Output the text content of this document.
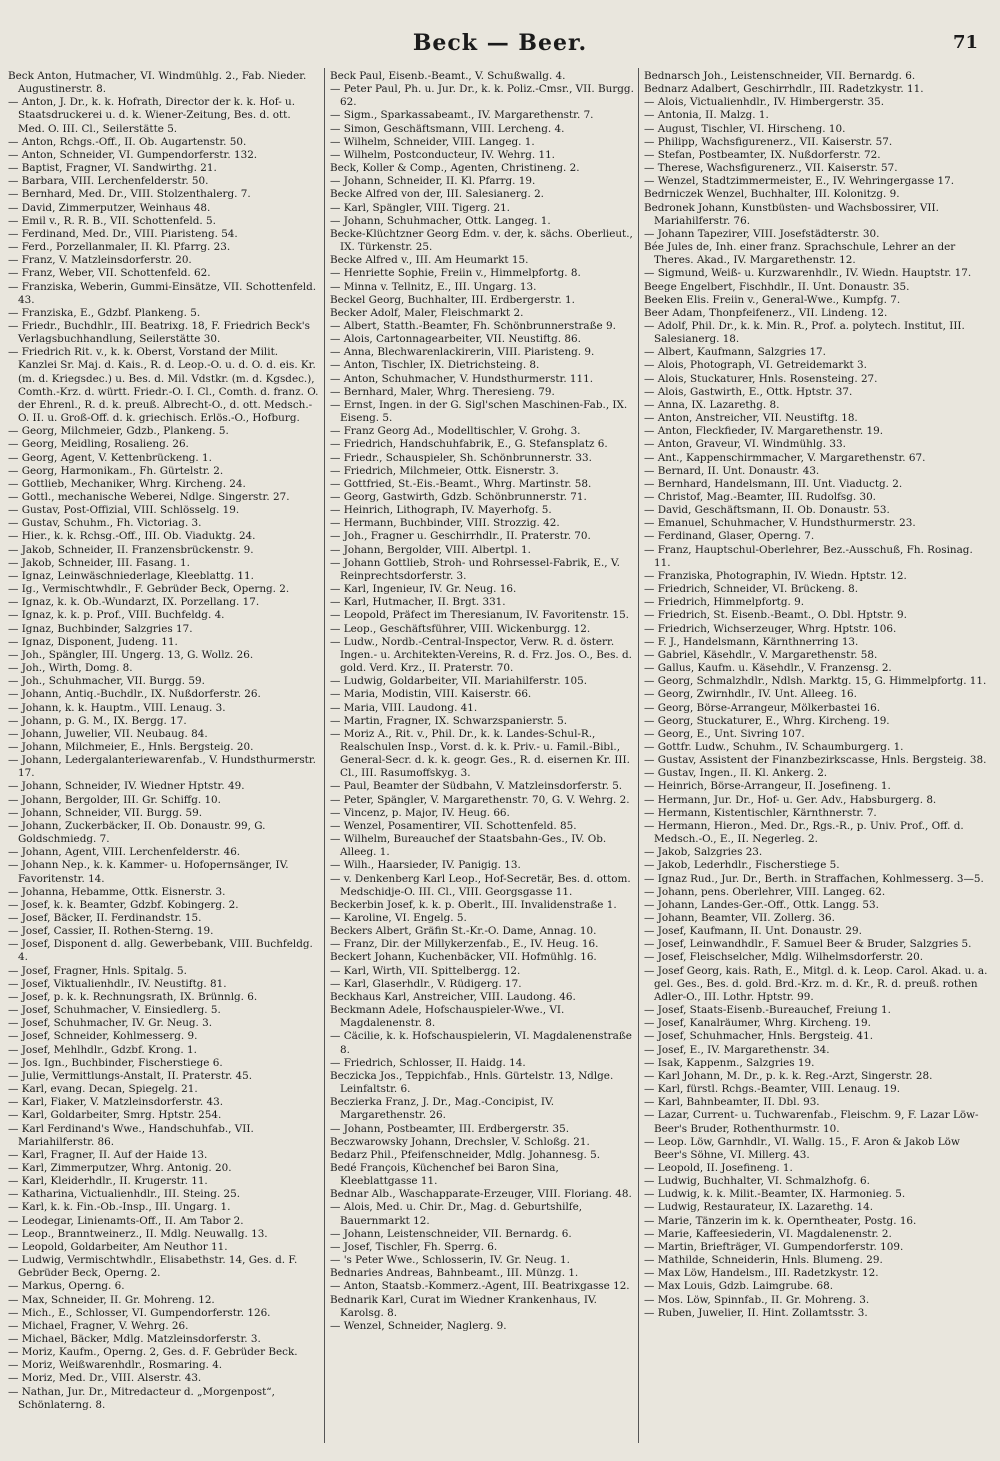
Beck — Beer.	71

Beck Anton, Hutmacher, VI. Windmühlg. 2., Fab. Nieder. Augustinerstr. 8.

— Anton, J. Dr., k. k. Hofrath, Director der k. k. Hof- u. Staatsdruckerei u. d. k. Wiener-Zeitung, Bes. d. ott. Med. O. III. Cl., Seilerstätte 5.

— Anton, Rchgs.-Off., II. Ob. Augartenstr. 50.

— Anton, Schneider, VI. Gumpendorferstr. 132.

— Baptist, Fragner, VI. Sandwirthg. 21.

— Barbara, VIII. Lerchenfelderstr. 50.

— Bernhard, Med. Dr., VIII. Stolzenthalerg. 7.

— David, Zimmerputzer, Weinhaus 48.

— Emil v., R. R. B., VII. Schottenfeld. 5.

— Ferdinand, Med. Dr., VIII. Piaristeng. 54.

— Ferd., Porzellanmaler, II. Kl. Pfarrg. 23.

— Franz, V. Matzleinsdorferstr. 20.

— Franz, Weber, VII. Schottenfeld. 62.

— Franziska, Weberin, Gummi-Einsätze, VII. Schottenfeld. 43.

— Franziska, E., Gdzbf. Plankeng. 5.

— Friedr., Buchdhlr., III. Beatrixg. 18, F. Friedrich Beck's Verlagsbuchhandlung, Seilerstätte 30.

— Friedrich Rit. v., k. k. Oberst, Vorstand der Milit. Kanzlei Sr. Maj. d. Kais., R. d. Leop.-O. u. d. O. d. eis. Kr. (m. d. Kriegsdec.) u. Bes. d. Mil. Vdstkr. (m. d. Kgsdec.), Comth.-Krz. d. württ. Friedr.-O. I. Cl., Comth. d. franz. O. der Ehrenl., R. d. k. preuß. Albrecht-O., d. ott. Medsch.-O. II. u. Groß-Off. d. k. griechisch. Erlös.-O., Hofburg.

— Georg, Milchmeier, Gdzb., Plankeng. 5.

— Georg, Meidling, Rosalieng. 26.

— Georg, Agent, V. Kettenbrückeng. 1.

— Georg, Harmonikam., Fh. Gürtelstr. 2.

— Gottlieb, Mechaniker, Whrg. Kircheng. 24.

— Gottl., mechanische Weberei, Ndlge. Singerstr. 27.

— Gustav, Post-Offizial, VIII. Schlösselg. 19.

— Gustav, Schuhm., Fh. Victoriag. 3.

— Hier., k. k. Rchsg.-Off., III. Ob. Viaduktg. 24.

— Jakob, Schneider, II. Franzensbrückenstr. 9.

— Jakob, Schneider, III. Fasang. 1.

— Ignaz, Leinwäschniederlage, Kleeblattg. 11.

— Ig., Vermischtwhdlr., F. Gebrüder Beck, Operng. 2.

— Ignaz, k. k. Ob.-Wundarzt, IX. Porzellang. 17.

— Ignaz, k. k. p. Prof., VIII. Buchfeldg. 4.

— Ignaz, Buchbinder, Salzgries 17.

— Ignaz, Disponent, Judeng. 11.

— Joh., Spängler, III. Ungerg. 13, G. Wollz. 26.

— Joh., Wirth, Domg. 8.

— Joh., Schuhmacher, VII. Burgg. 59.

— Johann, Antiq.-Buchdlr., IX. Nußdorferstr. 26.

— Johann, k. k. Hauptm., VIII. Lenaug. 3.

— Johann, p. G. M., IX. Bergg. 17.

— Johann, Juwelier, VII. Neubaug. 84.

— Johann, Milchmeier, E., Hnls. Bergsteig. 20.

— Johann, Ledergalanteriewarenfab., V. Hundsthurmerstr. 17.

— Johann, Schneider, IV. Wiedner Hptstr. 49.

— Johann, Bergolder, III. Gr. Schiffg. 10.

— Johann, Schneider, VII. Burgg. 59.

— Johann, Zuckerbäcker, II. Ob. Donaustr. 99, G. Goldschmiedg. 7.

— Johann, Agent, VIII. Lerchenfelderstr. 46.

— Johann Nep., k. k. Kammer- u. Hofopernsänger, IV. Favoritenstr. 14.

— Johanna, Hebamme, Ottk. Eisnerstr. 3.

— Josef, k. k. Beamter, Gdzbf. Kobingerg. 2.

— Josef, Bäcker, II. Ferdinandstr. 15.

— Josef, Cassier, II. Rothen-Sterng. 19.

— Josef, Disponent d. allg. Gewerbebank, VIII. Buchfeldg. 4.

— Josef, Fragner, Hnls. Spitalg. 5.

— Josef, Viktualienhdlr., IV. Neustiftg. 81.

— Josef, p. k. k. Rechnungsrath, IX. Brünnlg. 6.

— Josef, Schuhmacher, V. Einsiedlerg. 5.

— Josef, Schuhmacher, IV. Gr. Neug. 3.

— Josef, Schneider, Kohlmesserg. 9.

— Josef, Mehlhdlr., Gdzbf. Krong. 1.

— Jos. Ign., Buchbinder, Fischerstiege 6.

— Julie, Vermittlungs-Anstalt, II. Praterstr. 45.

— Karl, evang. Decan, Spiegelg. 21.

— Karl, Fiaker, V. Matzleinsdorferstr. 43.

— Karl, Goldarbeiter, Smrg. Hptstr. 254.

— Karl Ferdinand's Wwe., Handschuhfab., VII. Mariahilferstr. 86.

— Karl, Fragner, II. Auf der Haide 13.

— Karl, Zimmerputzer, Whrg. Antonig. 20.

— Karl, Kleiderhdlr., II. Krugerstr. 11.

— Katharina, Victualienhdlr., III. Steing. 25.

— Karl, k. k. Fin.-Ob.-Insp., III. Ungarg. 1.

— Leodegar, Linienamts-Off., II. Am Tabor 2.

— Leop., Branntweinerz., II. Mdlg. Neuwallg. 13.

— Leopold, Goldarbeiter, Am Neuthor 11.

— Ludwig, Vermischtwhdlr., Elisabethstr. 14, Ges. d. F. Gebrüder Beck, Operng. 2.

— Markus, Operng. 6.

— Max, Schneider, II. Gr. Mohreng. 12.

— Mich., E., Schlosser, VI. Gumpendorferstr. 126.

— Michael, Fragner, V. Wehrg. 26.

— Michael, Bäcker, Mdlg. Matzleinsdorferstr. 3.

— Moriz, Kaufm., Operng. 2, Ges. d. F. Gebrüder Beck.

— Moriz, Weißwarenhdlr., Rosmaring. 4.

— Moriz, Med. Dr., VIII. Alserstr. 43.

— Nathan, Jur. Dr., Mitredacteur d. „Morgenpost“, Schönlaterng. 8.

Beck Paul, Eisenb.-Beamt., V. Schußwallg. 4.

— Peter Paul, Ph. u. Jur. Dr., k. k. Poliz.-Cmsr., VII. Burgg. 62.

— Sigm., Sparkassabeamt., IV. Margarethenstr. 7.

— Simon, Geschäftsmann, VIII. Lercheng. 4.

— Wilhelm, Schneider, VIII. Langeg. 1.

— Wilhelm, Postconducteur, IV. Wehrg. 11.

Beck, Koller & Comp., Agenten, Christineng. 2.

— Johann, Schneider, II. Kl. Pfarrg. 19.

Becke Alfred von der, III. Salesianerg. 2.

— Karl, Spängler, VIII. Tigerg. 21.

— Johann, Schuhmacher, Ottk. Langeg. 1.

Becke-Klüchtzner Georg Edm. v. der, k. sächs. Oberlieut., IX. Türkenstr. 25.

Becke Alfred v., III. Am Heumarkt 15.

— Henriette Sophie, Freiin v., Himmelpfortg. 8.

— Minna v. Tellnitz, E., III. Ungarg. 13.

Beckel Georg, Buchhalter, III. Erdbergerstr. 1.

Becker Adolf, Maler, Fleischmarkt 2.

— Albert, Statth.-Beamter, Fh. Schönbrunnerstraße 9.

— Alois, Cartonnagearbeiter, VII. Neustiftg. 86.

— Anna, Blechwarenlackirerin, VIII. Piaristeng. 9.

— Anton, Tischler, IX. Dietrichsteing. 8.

— Anton, Schuhmacher, V. Hundsthurmerstr. 111.

— Bernhard, Maler, Whrg. Theresieng. 79.

— Ernst, Ingen. in der G. Sigl'schen Maschinen-Fab., IX. Eiseng. 5.

— Franz Georg Ad., Modelltischler, V. Grohg. 3.

— Friedrich, Handschuhfabrik, E., G. Stefansplatz 6.

— Friedr., Schauspieler, Sh. Schönbrunnerstr. 33.

— Friedrich, Milchmeier, Ottk. Eisnerstr. 3.

— Gottfried, St.-Eis.-Beamt., Whrg. Martinstr. 58.

— Georg, Gastwirth, Gdzb. Schönbrunnerstr. 71.

— Heinrich, Lithograph, IV. Mayerhofg. 5.

— Hermann, Buchbinder, VIII. Strozzig. 42.

— Joh., Fragner u. Geschirrhdlr., II. Praterstr. 70.

— Johann, Bergolder, VIII. Albertpl. 1.

— Johann Gottlieb, Stroh- und Rohrsessel-Fabrik, E., V. Reinprechtsdorferstr. 3.

— Karl, Ingenieur, IV. Gr. Neug. 16.

— Karl, Hutmacher, II. Brgt. 331.

— Leopold, Präfect im Theresianum, IV. Favoritenstr. 15.

— Leop., Geschäftsführer, VIII. Wickenburgg. 12.

— Ludw., Nordb.-Central-Inspector, Verw. R. d. österr. Ingen.- u. Architekten-Vereins, R. d. Frz. Jos. O., Bes. d. gold. Verd. Krz., II. Praterstr. 70.

— Ludwig, Goldarbeiter, VII. Mariahilferstr. 105.

— Maria, Modistin, VIII. Kaiserstr. 66.

— Maria, VIII. Laudong. 41.

— Martin, Fragner, IX. Schwarzspanierstr. 5.

— Moriz A., Rit. v., Phil. Dr., k. k. Landes-Schul-R., Realschulen Insp., Vorst. d. k. k. Priv.- u. Famil.-Bibl., General-Secr. d. k. k. geogr. Ges., R. d. eisernen Kr. III. Cl., III. Rasumoffskyg. 3.

— Paul, Beamter der Südbahn, V. Matzleinsdorferstr. 5.

— Peter, Spängler, V. Margarethenstr. 70, G. V. Wehrg. 2.

— Vincenz, p. Major, IV. Heug. 66.

— Wenzel, Posamentirer, VII. Schottenfeld. 85.

— Wilhelm, Bureauchef der Staatsbahn-Ges., IV. Ob. Alleeg. 1.

— Wilh., Haarsieder, IV. Panigig. 13.

— v. Denkenberg Karl Leop., Hof-Secretär, Bes. d. ottom. Medschidje-O. III. Cl., VIII. Georgsgasse 11.

Beckerbin Josef, k. k. p. Oberlt., III. Invalidenstraße 1.

— Karoline, VI. Engelg. 5.

Beckers Albert, Gräfin St.-Kr.-O. Dame, Annag. 10.

— Franz, Dir. der Millykerzenfab., E., IV. Heug. 16.

Beckert Johann, Kuchenbäcker, VII. Hofmühlg. 16.

— Karl, Wirth, VII. Spittelbergg. 12.

— Karl, Glaserhdlr., V. Rüdigerg. 17.

Beckhaus Karl, Anstreicher, VIII. Laudong. 46.

Beckmann Adele, Hofschauspieler-Wwe., VI. Magdalenenstr. 8.

— Cäcilie, k. k. Hofschauspielerin, VI. Magdalenenstraße 8.

— Friedrich, Schlosser, II. Haidg. 14.

Beczicka Jos., Teppichfab., Hnls. Gürtelstr. 13, Ndlge. Leinfaltstr. 6.

Beczierka Franz, J. Dr., Mag.-Concipist, IV. Margarethenstr. 26.

— Johann, Postbeamter, III. Erdbergerstr. 35.

Beczwarowsky Johann, Drechsler, V. Schloßg. 21.

Bedarz Phil., Pfeifenschneider, Mdlg. Johannesg. 5.

Bedé François, Küchenchef bei Baron Sina, Kleeblattgasse 11.

Bednar Alb., Waschapparate-Erzeuger, VIII. Floriang. 48.

— Alois, Med. u. Chir. Dr., Mag. d. Geburtshilfe, Bauernmarkt 12.

— Johann, Leistenschneider, VII. Bernardg. 6.

— Josef, Tischler, Fh. Sperrg. 6.

— 's Peter Wwe., Schlosserin, IV. Gr. Neug. 1.

Bednaries Andreas, Bahnbeamt., III. Münzg. 1.

— Anton, Staatsb.-Kommerz.-Agent, III. Beatrixgasse 12.

Bednarik Karl, Curat im Wiedner Krankenhaus, IV. Karolsg. 8.

— Wenzel, Schneider, Naglerg. 9.

Bednarsch Joh., Leistenschneider, VII. Bernardg. 6.

Bednarz Adalbert, Geschirrhdlr., III. Radetzkystr. 11.

— Alois, Victualienhdlr., IV. Himbergerstr. 35.

— Antonia, II. Malzg. 1.

— August, Tischler, VI. Hirscheng. 10.

— Philipp, Wachsfigurenerz., VII. Kaiserstr. 57.

— Stefan, Postbeamter, IX. Nußdorferstr. 72.

— Therese, Wachsfigurenerz., VII. Kaiserstr. 57.

— Wenzel, Stadtzimmermeister, E., IV. Wehringergasse 17.

Bedrniczek Wenzel, Buchhalter, III. Kolonitzg. 9.

Bedronek Johann, Kunstbüsten- und Wachsbossirer, VII. Mariahilferstr. 76.

— Johann Tapezirer, VIII. Josefstädterstr. 30.

Bée Jules de, Inh. einer franz. Sprachschule, Lehrer an der Theres. Akad., IV. Margarethenstr. 12.

— Sigmund, Weiß- u. Kurzwarenhdlr., IV. Wiedn. Hauptstr. 17.

Beege Engelbert, Fischhdlr., II. Unt. Donaustr. 35.

Beeken Elis. Freiin v., General-Wwe., Kumpfg. 7.

Beer Adam, Thonpfeifenerz., VII. Lindeng. 12.

— Adolf, Phil. Dr., k. k. Min. R., Prof. a. polytech. Institut, III. Salesianerg. 18.

— Albert, Kaufmann, Salzgries 17.

— Alois, Photograph, VI. Getreidemarkt 3.

— Alois, Stuckaturer, Hnls. Rosensteing. 27.

— Alois, Gastwirth, E., Ottk. Hptstr. 37.

— Anna, IX. Lazarethg. 8.

— Anton, Anstreicher, VII. Neustiftg. 18.

— Anton, Fleckfieder, IV. Margarethenstr. 19.

— Anton, Graveur, VI. Windmühlg. 33.

— Ant., Kappenschirmmacher, V. Margarethenstr. 67.

— Bernard, II. Unt. Donaustr. 43.

— Bernhard, Handelsmann, III. Unt. Viaductg. 2.

— Christof, Mag.-Beamter, III. Rudolfsg. 30.

— David, Geschäftsmann, II. Ob. Donaustr. 53.

— Emanuel, Schuhmacher, V. Hundsthurmerstr. 23.

— Ferdinand, Glaser, Operng. 7.

— Franz, Hauptschul-Oberlehrer, Bez.-Ausschuß, Fh. Rosinag. 11.

— Franziska, Photographin, IV. Wiedn. Hptstr. 12.

— Friedrich, Schneider, VI. Brückeng. 8.

— Friedrich, Himmelpfortg. 9.

— Friedrich, St. Eisenb.-Beamt., O. Dbl. Hptstr. 9.

— Friedrich, Wichserzeuger, Whrg. Hptstr. 106.

— F. J., Handelsmann, Kärnthnerring 13.

— Gabriel, Käsehdlr., V. Margarethenstr. 58.

— Gallus, Kaufm. u. Käsehdlr., V. Franzensg. 2.

— Georg, Schmalzhdlr., Ndlsh. Marktg. 15, G. Himmelpfortg. 11.

— Georg, Zwirnhdlr., IV. Unt. Alleeg. 16.

— Georg, Börse-Arrangeur, Mölkerbastei 16.

— Georg, Stuckaturer, E., Whrg. Kircheng. 19.

— Georg, E., Unt. Sivring 107.

— Gottfr. Ludw., Schuhm., IV. Schaumburgerg. 1.

— Gustav, Assistent der Finanzbezirkscasse, Hnls. Bergsteig. 38.

— Gustav, Ingen., II. Kl. Ankerg. 2.

— Heinrich, Börse-Arrangeur, II. Josefineng. 1.

— Hermann, Jur. Dr., Hof- u. Ger. Adv., Habsburgerg. 8.

— Hermann, Kistentischler, Kärnthnerstr. 7.

— Hermann, Hieron., Med. Dr., Rgs.-R., p. Univ. Prof., Off. d. Medsch.-O., E., II. Negerleg. 2.

— Jakob, Salzgries 23.

— Jakob, Lederhdlr., Fischerstiege 5.

— Ignaz Rud., Jur. Dr., Berth. in Straffachen, Kohlmesserg. 3—5.

— Johann, pens. Oberlehrer, VIII. Langeg. 62.

— Johann, Landes-Ger.-Off., Ottk. Langg. 53.

— Johann, Beamter, VII. Zollerg. 36.

— Josef, Kaufmann, II. Unt. Donaustr. 29.

— Josef, Leinwandhdlr., F. Samuel Beer & Bruder, Salzgries 5.

— Josef, Fleischselcher, Mdlg. Wilhelmsdorferstr. 20.

— Josef Georg, kais. Rath, E., Mitgl. d. k. Leop. Carol. Akad. u. a. gel. Ges., Bes. d. gold. Brd.-Krz. m. d. Kr., R. d. preuß. rothen Adler-O., III. Lothr. Hptstr. 99.

— Josef, Staats-Eisenb.-Bureauchef, Freiung 1.

— Josef, Kanalräumer, Whrg. Kircheng. 19.

— Josef, Schuhmacher, Hnls. Bergsteig. 41.

— Josef, E., IV. Margarethenstr. 34.

— Isak, Kappenm., Salzgries 19.

— Karl Johann, M. Dr., p. k. k. Reg.-Arzt, Singerstr. 28.

— Karl, fürstl. Rchgs.-Beamter, VIII. Lenaug. 19.

— Karl, Bahnbeamter, II. Dbl. 93.

— Lazar, Current- u. Tuchwarenfab., Fleischm. 9, F. Lazar Löw-Beer's Bruder, Rothenthurmstr. 10.

— Leop. Löw, Garnhdlr., VI. Wallg. 15., F. Aron & Jakob Löw Beer's Söhne, VI. Millerg. 43.

— Leopold, II. Josefineng. 1.

— Ludwig, Buchhalter, VI. Schmalzhofg. 6.

— Ludwig, k. k. Milit.-Beamter, IX. Harmonieg. 5.

— Ludwig, Restaurateur, IX. Lazarethg. 14.

— Marie, Tänzerin im k. k. Operntheater, Postg. 16.

— Marie, Kaffeesiederin, VI. Magdalenenstr. 2.

— Martin, Briefträger, VI. Gumpendorferstr. 109.

— Mathilde, Schneiderin, Hnls. Blumeng. 29.

— Max Löw, Handelsm., III. Radetzkystr. 12.

— Max Louis, Gdzb. Laimgrube. 68.

— Mos. Löw, Spinnfab., II. Gr. Mohreng. 3.

— Ruben, Juwelier, II. Hint. Zollamtsstr. 3.
